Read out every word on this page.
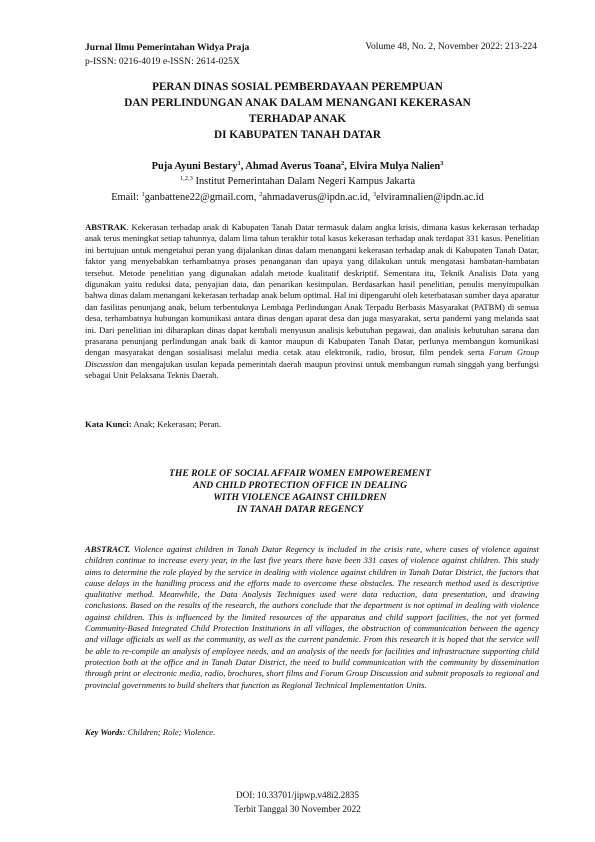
Jurnal Ilmu Pemerintahan Widya Praja
p-ISSN: 0216-4019 e-ISSN: 2614-025X
Volume 48, No. 2, November 2022: 213-224
PERAN DINAS SOSIAL PEMBERDAYAAN PEREMPUAN
DAN PERLINDUNGAN ANAK DALAM MENANGANI KEKERASAN
TERHADAP ANAK
DI KABUPATEN TANAH DATAR
Puja Ayuni Bestary$^1$, Ahmad Averus Toana$^2$, Elvira Mulya Nalien$^3$
$^{1,2,3}$ Institut Pemerintahan Dalam Negeri Kampus Jakarta
Email: $^1$ganbattene22@gmail.com, $^2$ahmadaverus@ipdn.ac.id, $^3$elviramnalien@ipdn.ac.id
ABSTRAK. Kekerasan terhadap anak di Kabupaten Tanah Datar termasuk dalam angka krisis, dimana kasus kekerasan terhadap anak terus meningkat setiap tahunnya, dalam lima tahun terakhir total kasus kekerasan terhadap anak terdapat 331 kasus. Penelitian ini bertujuan untuk mengetahui peran yang dijalankan dinas dalam menangani kekerasan terhadap anak di Kabupaten Tanah Datar, faktor yang menyebabkan terhambatnya proses penanganan dan upaya yang dilakukan untuk mengatasi hambatan-hambatan tersebut. Metode penelitian yang digunakan adalah metode kualitatif deskriptif. Sementara itu, Teknik Analisis Data yang digunakan yaitu reduksi data, penyajian data, dan penarikan kesimpulan. Berdasarkan hasil penelitian, penulis menyimpulkan bahwa dinas dalam menangani kekerasan terhadap anak belum optimal. Hal ini dipengaruhi oleh keterbatasan sumber daya aparatur dan fasilitas penunjang anak, belum terbentuknya Lembaga Perlindungan Anak Terpadu Berbasis Masyarakat (PATBM) di semua desa, terhambatnya hubungan komunikasi antara dinas dengan aparat desa dan juga masyarakat, serta pandemi yang melanda saat ini. Dari penelitian ini diharapkan dinas dapat kembali menyusun analisis kebutuhan pegawai, dan analisis kebutuhan sarana dan prasarana penunjang perlindungan anak baik di kantor maupun di Kabupaten Tanah Datar, perlunya membangun komunikasi dengan masyarakat dengan sosialisasi melalui media cetak atau elektronik, radio, brosur, film pendek serta Forum Group Discussion dan mengajukan usulan kepada pemerintah daerah maupun provinsi untuk membangun rumah singgah yang berfungsi sebagai Unit Pelaksana Teknis Daerah.
Kata Kunci: Anak; Kekerasan; Peran.
THE ROLE OF SOCIAL AFFAIR WOMEN EMPOWEREMENT
AND CHILD PROTECTION OFFICE IN DEALING
WITH VIOLENCE AGAINST CHILDREN
IN TANAH DATAR REGENCY
ABSTRACT. Violence against children in Tanah Datar Regency is included in the crisis rate, where cases of violence against children continue to increase every year, in the last five years there have been 331 cases of violence against children. This study aims to determine the role played by the service in dealing with violence against children in Tanah Datar District, the factors that cause delays in the handling process and the efforts made to overcome these obstacles. The research method used is descriptive qualitative method. Meanwhile, the Data Analysis Techniques used were data reduction, data presentation, and drawing conclusions. Based on the results of the research, the authors conclude that the department is not optimal in dealing with violence against children. This is influenced by the limited resources of the apparatus and child support facilities, the not yet formed Community-Based Integrated Child Protection Institutions in all villages, the obstruction of communication between the agency and village officials as well as the community, as well as the current pandemic. From this research it is hoped that the service will be able to re-compile an analysis of employee needs, and an analysis of the needs for facilities and infrastructure supporting child protection both at the office and in Tanah Datar District, the need to build communication with the community by dissemination through print or electronic media, radio, brochures, short films and Forum Group Discussion and submit proposals to regional and provincial governments to build shelters that function as Regional Technical Implementation Units.
Key Words: Children; Role; Violence.
DOI: 10.33701/jipwp.v48i2.2835
Terbit Tanggal 30 November 2022
